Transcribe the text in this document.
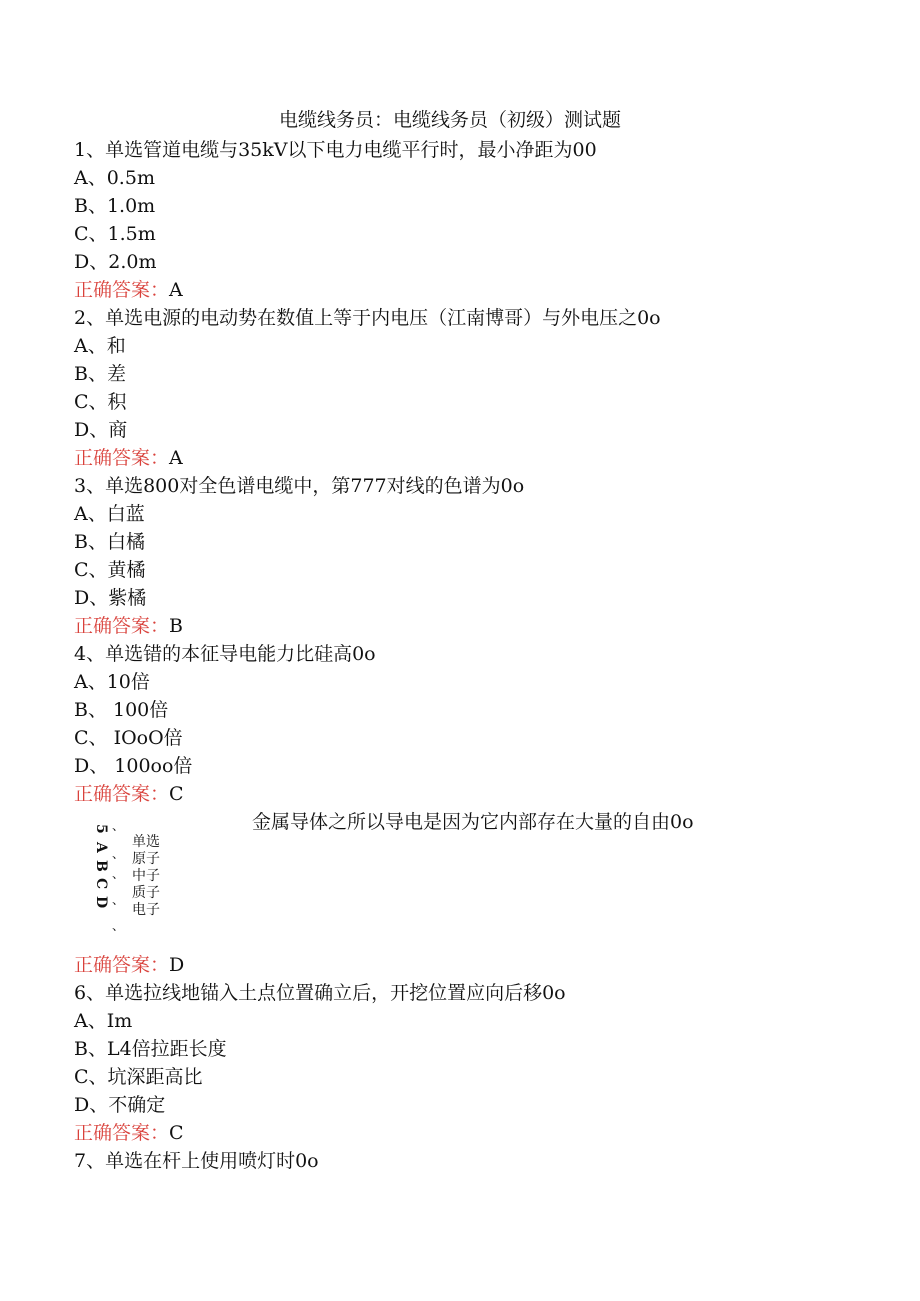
电缆线务员：电缆线务员（初级）测试题
1、单选管道电缆与35kV以下电力电缆平行时，最小净距为00
A、0.5m
B、1.0m
C、1.5m
D、2.0m
正确答案：A
2、单选电源的电动势在数值上等于内电压（江南博哥）与外电压之0o
A、和
B、差
C、积
D、商
正确答案：A
3、单选800对全色谱电缆中，第777对线的色谱为0o
A、白蓝
B、白橘
C、黄橘
D、紫橘
正确答案：B
4、单选错的本征导电能力比硅高0o
A、10倍
B、 100倍
C、 IOoO倍
D、 100oo倍
正确答案：C
金属导体之所以导电是因为它内部存在大量的自由0o
5
A
B
C
D
、
、
、
、
、
单选
原子
中子
质子
电子
正确答案：D
6、单选拉线地锚入土点位置确立后，开挖位置应向后移0o
A、Im
B、L4倍拉距长度
C、坑深距高比
D、不确定
正确答案：C
7、单选在杆上使用喷灯时0o
